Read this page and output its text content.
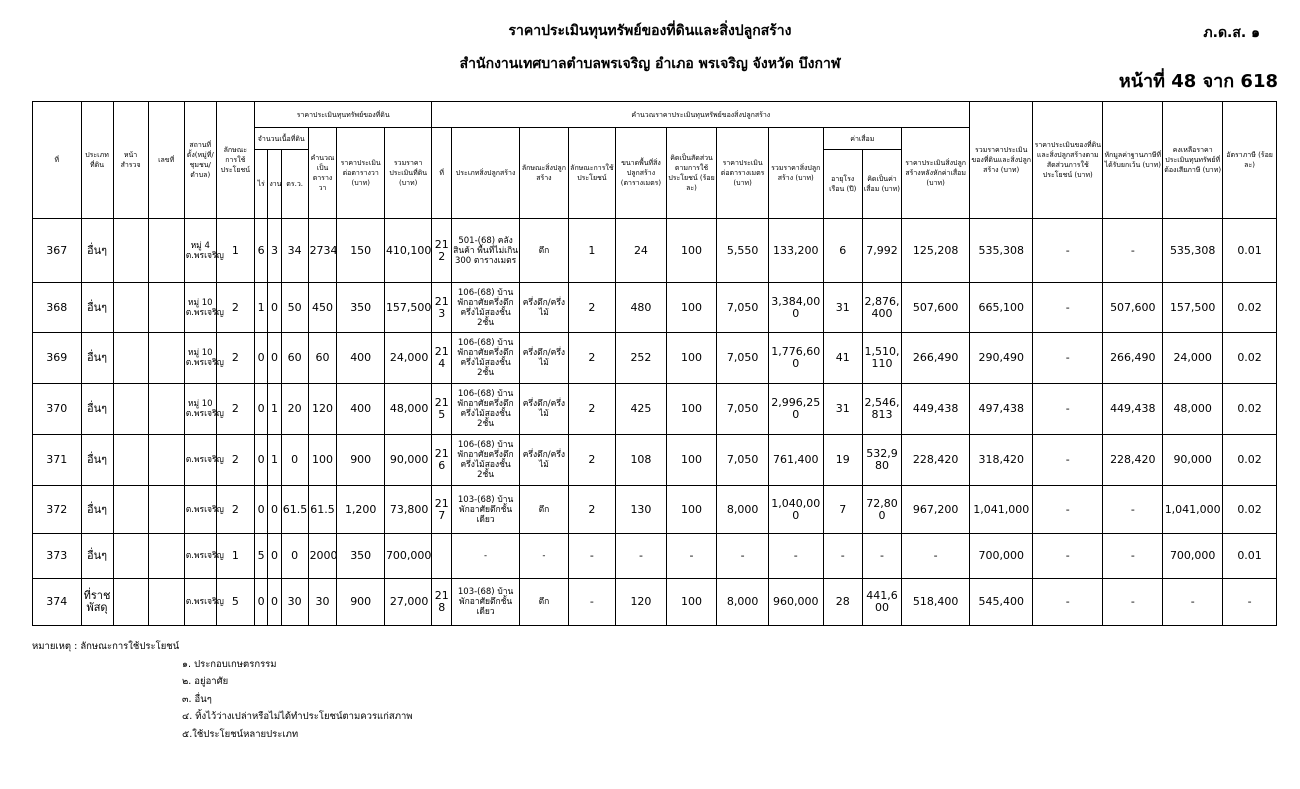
ราคาประเมินทุนทรัพย์ของที่ดินและสิ่งปลูกสร้าง
สำนักงานเทศบาลตำบลพรเจริญ อำเภอ พรเจริญ จังหวัด บึงกาฬ
ภ.ด.ส. ๑
หน้าที่ 48 จาก 618
ที่	ประเภทที่ดิน	หน้าสำรวจ	เลขที่	สถานที่ตั้ง(หมู่ที่/ชุมชน/ตำบล)	ลักษณะการใช้ประโยชน์	ราคาประเมินทุนทรัพย์ของที่ดิน						คำนวณราคาประเมินทุนทรัพย์ของสิ่งปลูกสร้าง											รวมราคาประเมินของที่ดินและสิ่งปลูกสร้าง (บาท)	ราคาประเมินของที่ดินและสิ่งปลูกสร้างตามสัดส่วนการใช้ประโยชน์ (บาท)	หักมูลค่าฐานภาษีที่ได้รับยกเว้น (บาท)	คงเหลือราคาประเมินทุนทรัพย์ที่ต้องเสียภาษี (บาท)	อัตราภาษี (ร้อยละ)
						จำนวนเนื้อที่ดิน			คำนวณเป็นตารางวา	ราคาประเมินต่อตารางวา (บาท)	รวมราคาประเมินที่ดิน (บาท)	ที่	ประเภทสิ่งปลูกสร้าง	ลักษณะสิ่งปลูกสร้าง	ลักษณะการใช้ประโยชน์	ขนาดพื้นที่สิ่งปลูกสร้าง (ตารางเมตร)	คิดเป็นสัดส่วนตามการใช้ประโยชน์ (ร้อยละ)	ราคาประเมินต่อตารางเมตร (บาท)	รวมราคาสิ่งปลูกสร้าง (บาท)	ค่าเสื่อม		ราคาประเมินสิ่งปลูกสร้างหลังหักค่าเสื่อม (บาท)					
						ไร่	งาน	ตร.ว.												อายุโรงเรือน (ปี)	คิดเป็นค่าเสื่อม (บาท)						
367	อื่นๆ			หมู่ 4 ต.พรเจริญ	1	6	3	34	2734	150	410,100	212	501-(68) คลังสินค้า พื้นที่ไม่เกิน 300 ตารางเมตร	ตึก	1	24	100	5,550	133,200	6	7,992	125,208	535,308	-	-	535,308	0.01
368	อื่นๆ			หมู่ 10 ต.พรเจริญ	2	1	0	50	450	350	157,500	213	106-(68) บ้านพักอาศัยครึ่งตึกครึ่งไม้สองชั้น 2ชั้น	ครึ่งตึก/ครึ่งไม้	2	480	100	7,050	3,384,000	31	2,876,400	507,600	665,100	-	507,600	157,500	0.02
369	อื่นๆ			หมู่ 10 ต.พรเจริญ	2	0	0	60	60	400	24,000	214	106-(68) บ้านพักอาศัยครึ่งตึกครึ่งไม้สองชั้น 2ชั้น	ครึ่งตึก/ครึ่งไม้	2	252	100	7,050	1,776,600	41	1,510,110	266,490	290,490	-	266,490	24,000	0.02
370	อื่นๆ			หมู่ 10 ต.พรเจริญ	2	0	1	20	120	400	48,000	215	106-(68) บ้านพักอาศัยครึ่งตึกครึ่งไม้สองชั้น 2ชั้น	ครึ่งตึก/ครึ่งไม้	2	425	100	7,050	2,996,250	31	2,546,813	449,438	497,438	-	449,438	48,000	0.02
371	อื่นๆ			ต.พรเจริญ	2	0	1	0	100	900	90,000	216	106-(68) บ้านพักอาศัยครึ่งตึกครึ่งไม้สองชั้น 2ชั้น	ครึ่งตึก/ครึ่งไม้	2	108	100	7,050	761,400	19	532,980	228,420	318,420	-	228,420	90,000	0.02
372	อื่นๆ			ต.พรเจริญ	2	0	0	61.5	61.5	1,200	73,800	217	103-(68) บ้านพักอาศัยตึกชั้นเดียว	ตึก	2	130	100	8,000	1,040,000	7	72,800	967,200	1,041,000	-	-	1,041,000	0.02
373	อื่นๆ			ต.พรเจริญ	1	5	0	0	2000	350	700,000		-	-	-	-	-	-	-	-	-	-	700,000	-	-	700,000	0.01
374	ที่ราชพัสดุ			ต.พรเจริญ	5	0	0	30	30	900	27,000	218	103-(68) บ้านพักอาศัยตึกชั้นเดียว	ตึก	-	120	100	8,000	960,000	28	441,600	518,400	545,400	-	-	-	-
หมายเหตุ : ลักษณะการใช้ประโยชน์
๑. ประกอบเกษตรกรรม
๒. อยู่อาศัย
๓. อื่นๆ
๔. ทิ้งไว้ว่างเปล่าหรือไม่ได้ทำประโยชน์ตามควรแก่สภาพ
๕.ใช้ประโยชน์หลายประเภท
